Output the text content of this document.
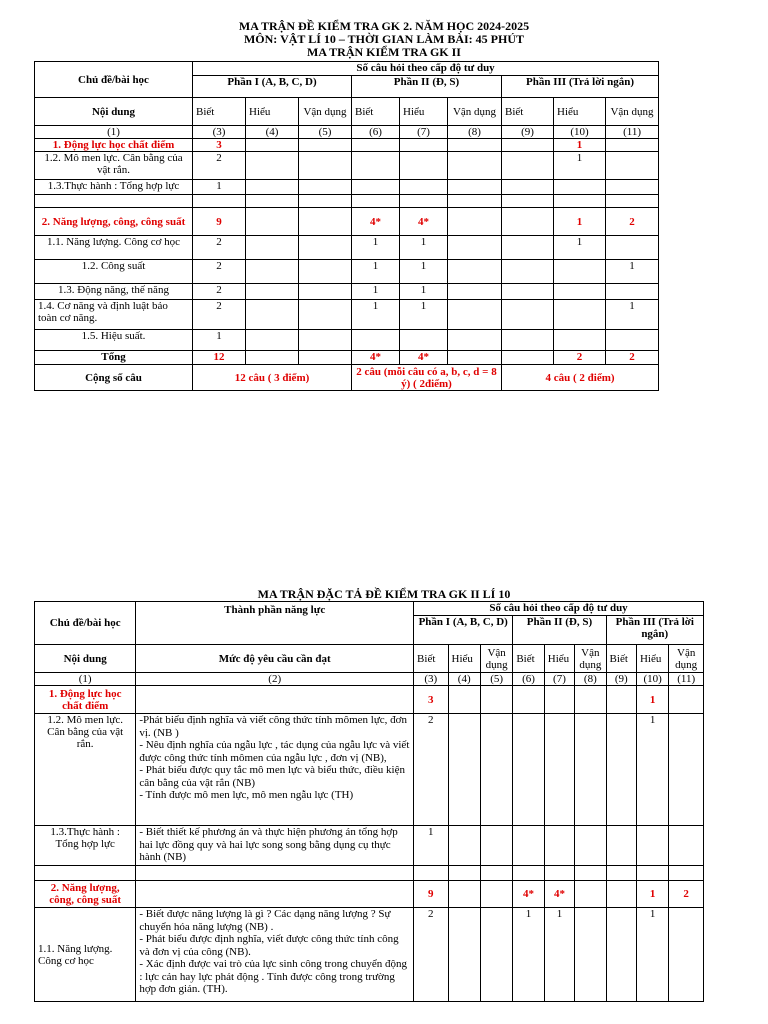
MA TRẬN ĐỀ KIỂM TRA GK 2. NĂM HỌC 2024-2025
MÔN: VẬT LÍ 10 – THỜI GIAN LÀM BÀI: 45 PHÚT
MA TRẬN KIỂM TRA GK II
Chủ đề/bài học	Số câu hỏi theo cấp độ tư duy								
	Phần I (A, B, C, D)			Phần II (Đ, S)			Phần III (Trả lời ngắn)		
Nội dung	Biết	Hiểu	Vận dụng	Biết	Hiểu	Vận dụng	Biết	Hiểu	Vận dụng
(1)	(3)	(4)	(5)	(6)	(7)	(8)	(9)	(10)	(11)
1. Động lực học chất điểm	3							1	
1.2. Mô men lực. Cân bằng của vật rắn.	2							1	
1.3.Thực hành : Tổng hợp lực	1								

2. Năng lượng, công, công suất	9			4*	4*			1	2
1.1. Năng lượng. Công cơ học	2			1	1			1	
1.2. Công suất	2			1	1				1
1.3. Động năng, thế năng	2			1	1				
1.4. Cơ năng và định luật bảo toàn cơ năng.	2			1	1				1
1.5. Hiệu suất.	1								
Tổng	12			4*	4*			2	2
Cộng số câu	12 câu ( 3 điểm)			2 câu (mỗi câu có a, b, c, d = 8 ý) ( 2điểm)			4 câu ( 2 điểm)		
MA TRẬN ĐẶC TẢ ĐỀ KIỂM TRA GK II LÍ 10
Chủ đề/bài học	Thành phần năng lực	Số câu hỏi theo cấp độ tư duy								
		Phần I (A, B, C, D)			Phần II (Đ, S)			Phần III (Trả lời ngắn)		
Nội dung	Mức độ yêu cầu cần đạt	Biết	Hiểu	Vận dụng	Biết	Hiểu	Vận dụng	Biết	Hiểu	Vận dụng
(1)	(2)	(3)	(4)	(5)	(6)	(7)	(8)	(9)	(10)	(11)
1. Động lực học chất điểm		3							1	
1.2. Mô men lực. Cân bằng của vật rắn.	-Phát biểu định nghĩa và viết công thức tính mômen lực, đơn vị. (NB )
- Nêu định nghĩa của ngẫu lực , tác dụng của ngẫu lực và viết được công thức tính mômen của ngẫu lực , đơn vị (NB),
- Phát biểu được quy tắc mô men lực và biểu thức, điều kiện cân bằng của vật rắn (NB)
- Tính được mô men lực, mô men ngẫu lực (TH)	2							1	
1.3.Thực hành : Tổng hợp lực	- Biết thiết kế phương án và thực hiện phương án tổng hợp hai lực đồng quy và hai lực song song bằng dụng cụ thực hành (NB)	1								

2. Năng lượng, công, công suất		9			4*	4*			1	2
1.1. Năng lượng. Công cơ học	- Biết được năng lượng là gì ? Các dạng năng lượng ? Sự chuyển hóa năng lượng (NB) .
- Phát biểu được định nghĩa, viết được công thức tính công và đơn vị của công (NB).
- Xác định được vai trò của lực sinh công trong chuyển động : lực cản hay lực phát động . Tính được công trong trường hợp đơn giản. (TH).	2			1	1			1	
